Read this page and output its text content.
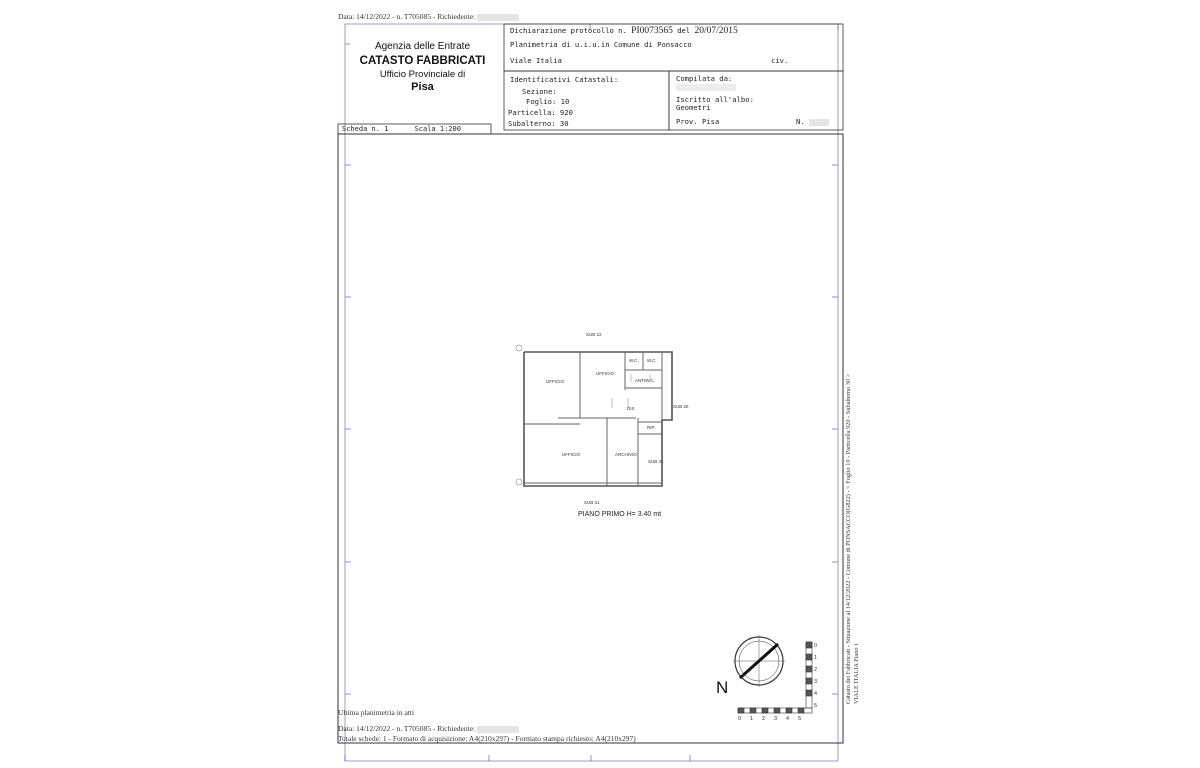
Data: 14/12/2022 - n. T705085 - Richiedente:
Agenzia delle Entrate
CATASTO FABBRICATI
Ufficio Provinciale di
Pisa
Scheda n. 1	Scala 1:200
Dichiarazione protocollo n. PI0073565 del 20/07/2015
Planimetria di u.i.u.in Comune di Ponsacco
Viale Italia	civ.
Identificativi Catastali:
Sezione:
Foglio: 10
Particella: 920
Subalterno: 30
Compilata da:
Iscritto all'albo:
Geometri
Prov. Pisa	N.
SUB 22
UFFICIO
UFFICIO
W.C. W.C.
ANTIW.C.
DIS	SUB 26
RIP.
UFFICIO	ARCHIVIO
SUB 31
SUB 31
PIANO PRIMO H= 3.40 mt
N
0
1
2
3
4
5
0 1 2 3 4 5
Catasto dei Fabbricati - Situazione al 14/12/2022 - Comune di PONSACCO(G822) - < Foglio 10 - Particella 920 - Subalterno 30 > VIALE ITALIA Piano 1
Ultima planimetria in atti
Data: 14/12/2022 - n. T705085 - Richiedente:
Totale schede: 1 - Formato di acquisizione: A4(210x297) - Formato stampa richiesto: A4(210x297)
